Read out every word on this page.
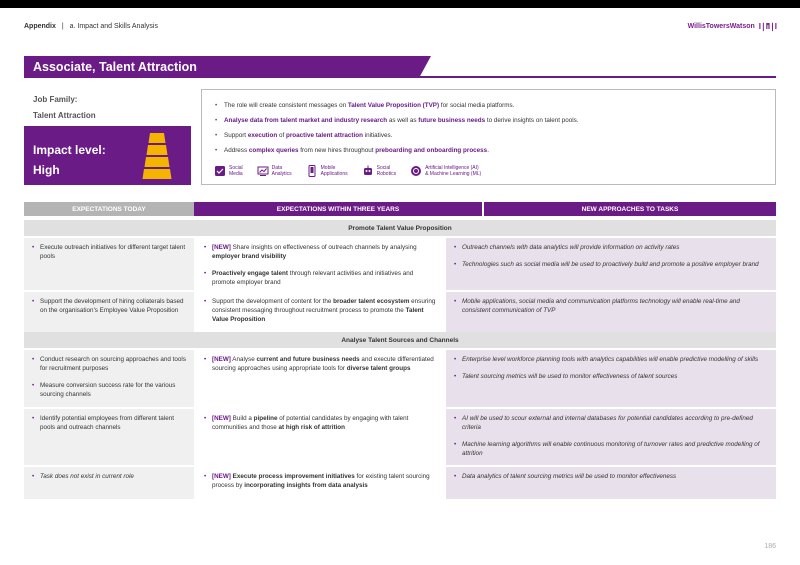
Appendix | a. Impact and Skills Analysis	WillisTowersWatson I❘I'I❘I
Associate, Talent Attraction
Job Family:
Talent Attraction
Impact level:
High
• The role will create consistent messages on Talent Value Proposition (TVP) for social media platforms.
• Analyse data from talent market and industry research as well as future business needs to derive insights on talent pools.
• Support execution of proactive talent attraction initiatives.
• Address complex queries from new hires throughout preboarding and onboarding process.
Social
Media
Data
Analytics
Mobile
Applications
Social
Robotics
Artificial Intelligence (AI)
& Machine Learning (ML)
EXPECTATIONS TODAY	EXPECTATIONS WITHIN THREE YEARS	NEW APPROACHES TO TASKS
Promote Talent Value Proposition
• Execute outreach initiatives for different target talent pools
• [NEW] Share insights on effectiveness of outreach channels by analysing employer brand visibility
• Proactively engage talent through relevant activities and initiatives and promote employer brand
• Outreach channels with data analytics will provide information on activity rates
• Technologies such as social media will be used to proactively build and promote a positive employer brand
• Support the development of hiring collaterals based on the organisation's Employee Value Proposition
• Support the development of content for the broader talent ecosystem ensuring consistent messaging throughout recruitment process to promote the Talent Value Proposition
• Mobile applications, social media and communication platforms technology will enable real-time and consistent communication of TVP
Analyse Talent Sources and Channels
• Conduct research on sourcing approaches and tools for recruitment purposes
• Measure conversion success rate for the various sourcing channels
• [NEW] Analyse current and future business needs and execute differentiated sourcing approaches using appropriate tools for diverse talent groups
• Enterprise level workforce planning tools with analytics capabilities will enable predictive modelling of skills
• Talent sourcing metrics will be used to monitor effectiveness of talent sources
• Identify potential employees from different talent pools and outreach channels
• [NEW] Build a pipeline of potential candidates by engaging with talent communities and those at high risk of attrition
• AI will be used to scour external and internal databases for potential candidates according to pre-defined criteria
• Machine learning algorithms will enable continuous monitoring of turnover rates and predictive modelling of attrition
• Task does not exist in current role
•	[NEW] Execute process improvement initiatives for existing talent sourcing process by incorporating insights from data analysis
• Data analytics of talent sourcing metrics will be used to monitor effectiveness
186
